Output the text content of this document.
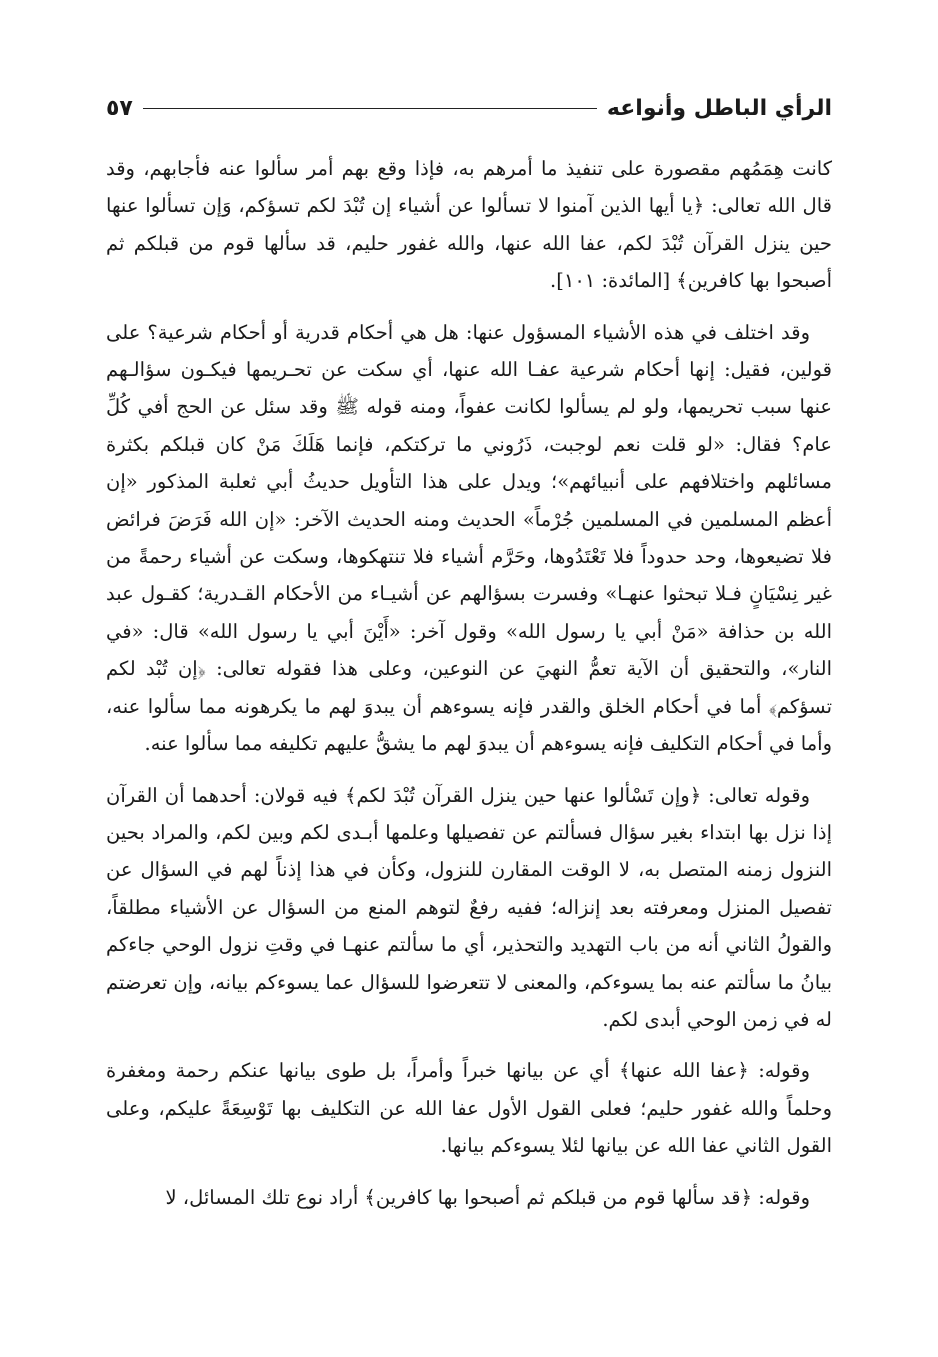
الرأي الباطل وأنواعه
٥٧

كانت هِمَمُهم مقصورة على تنفيذ ما أمرهم به، فإذا وقع بهم أمر سألوا عنه فأجابهم، وقد قال الله تعالى: ﴿يا أيها الذين آمنوا لا تسألوا عن أشياء إن تُبْدَ لكم تسؤكم، وَإن تسألوا عنها حين ينزل القرآن تُبْدَ لكم، عفا الله عنها، والله غفور حليم، قد سألها قوم من قبلكم ثم أصبحوا بها كافرين﴾ [المائدة: ١٠١].

وقد اختلف في هذه الأشياء المسؤول عنها: هل هي أحكام قدرية أو أحكام شرعية؟ على قولين، فقيل: إنها أحكام شرعية عفـا الله عنها، أي سكت عن تحـريمها فيكـون سؤالـهم عنها سبب تحريمها، ولو لم يسألوا لكانت عفواً، ومنه قوله ﷺ وقد سئل عن الحج أفي كُلِّ عام؟ فقال: «لو قلت نعم لوجبت، ذَرُوني ما تركتكم، فإنما هَلَكَ مَنْ كان قبلكم بكثرة مسائلهم واختلافهم على أنبيائهم»؛ ويدل على هذا التأويل حديثُ أبي ثعلبة المذكور «إن أعظم المسلمين في المسلمين جُرْماً» الحديث ومنه الحديث الآخر: «إن الله فَرَضَ فرائض فلا تضيعوها، وحد حدوداً فلا تَعْتَدُوها، وحَرَّم أشياء فلا تنتهكوها، وسكت عن أشياء رحمةً من غير نِسْيَانٍ فـلا تبحثوا عنهـا» وفسرت بسؤالهم عن أشيـاء من الأحكام القـدرية؛ كقـول عبد الله بن حذافة «مَنْ أبي يا رسول الله» وقول آخر: «أَيْنَ أبي يا رسول الله» قال: «في النار»، والتحقيق أن الآية تعمُّ النهيَ عن النوعين، وعلى هذا فقوله تعالى: ﴿إن تُبْد لكم تسؤكم﴾ أما في أحكام الخلق والقدر فإنه يسوءهم أن يبدوَ لهم ما يكرهونه مما سألوا عنه، وأما في أحكام التكليف فإنه يسوءهم أن يبدوَ لهم ما يشقُّ عليهم تكليفه مما سألوا عنه.

وقوله تعالى: ﴿وإن تَسْألوا عنها حين ينزل القرآن تُبْدَ لكم﴾ فيه قولان: أحدهما أن القرآن إذا نزل بها ابتداء بغير سؤال فسألتم عن تفصيلها وعلمها أبـدى لكم وبين لكم، والمراد بحين النزول زمنه المتصل به، لا الوقت المقارن للنزول، وكأن في هذا إذناً لهم في السؤال عن تفصيل المنزل ومعرفته بعد إنزاله؛ ففيه رفعٌ لتوهم المنع من السؤال عن الأشياء مطلقاً، والقولُ الثاني أنه من باب التهديد والتحذير، أي ما سألتم عنهـا في وقتِ نزول الوحي جاءكم بيانُ ما سألتم عنه بما يسوءكم، والمعنى لا تتعرضوا للسؤال عما يسوءكم بيانه، وإن تعرضتم له في زمن الوحي أبدى لكم.

وقوله: ﴿عفا الله عنها﴾ أي عن بيانها خبراً وأمراً، بل طوى بيانها عنكم رحمة ومغفرة وحلماً والله غفور حليم؛ فعلى القول الأول عفا الله عن التكليف بها تَوْسِعَةً عليكم، وعلى القول الثاني عفا الله عن بيانها لئلا يسوءكم بيانها.

وقوله: ﴿قد سألها قوم من قبلكم ثم أصبحوا بها كافرين﴾ أراد نوع تلك المسائل، لا
